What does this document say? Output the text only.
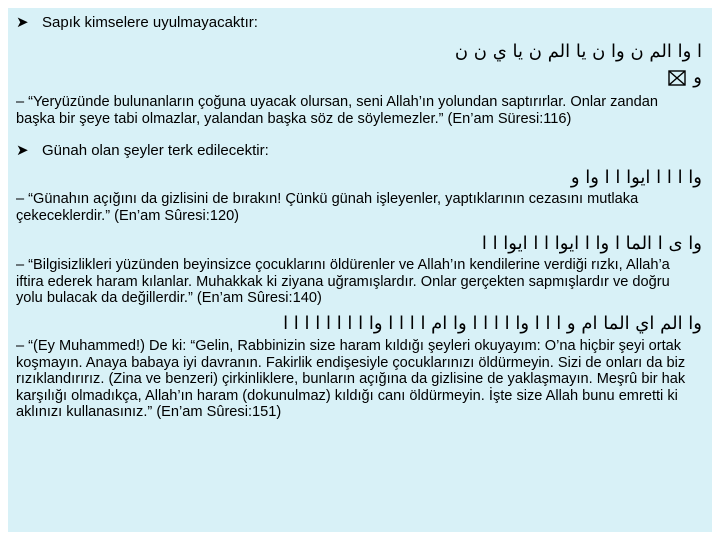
➤ Sapık kimselere uyulmayacaktır:
ا وا الم ن وا ن يا الم ن يا ي ن ن
و
– “Yeryüzünde bulunanların çoğuna uyacak olursan, seni Allah’ın yolundan saptırırlar. Onlar zandan başka bir şeye tabi olmazlar, yalandan başka söz de söylemezler.” (En’am Süresi:116)
➤ Günah olan şeyler terk edilecektir:
وا ا ا ا ايوا ا ا وا و
– “Günahın açığını da gizlisini de bırakın! Çünkü günah işleyenler, yaptıklarının cezasını mutlaka çekeceklerdir.” (En’am Sûresi:120)
وا ى ا الما ا وا ا ايوا ا ا ايوا ا ا
– “Bilgisizlikleri yüzünden beyinsizce çocuklarını öldürenler ve Allah’ın kendilerine verdiği rızkı, Allah’a iftira ederek haram kılanlar. Muhakkak ki ziyana uğramışlardır. Onlar gerçekten sapmışlardır ve doğru yolu bulacak da değillerdir.” (En’am Sûresi:140)
وا الم اي الما ام و ا ا ا وا ا ا ا ا وا ام ا ا ا ا وا ا ا ا ا ا ا ا ا
– “(Ey Muhammed!) De ki: “Gelin, Rabbinizin size haram kıldığı şeyleri okuyayım: O’na hiçbir şeyi ortak koşmayın. Anaya babaya iyi davranın. Fakirlik endişesiyle çocuklarınızı öldürmeyin. Sizi de onları da biz rızıklandırırız. (Zina ve benzeri) çirkinliklere, bunların açığına da gizlisine de yaklaşmayın. Meşrû bir hak karşılığı olmadıkça, Allah’ın haram (dokunulmaz) kıldığı canı öldürmeyin. İşte size Allah bunu emretti ki aklınızı kullanasınız.” (En’am Sûresi:151)
